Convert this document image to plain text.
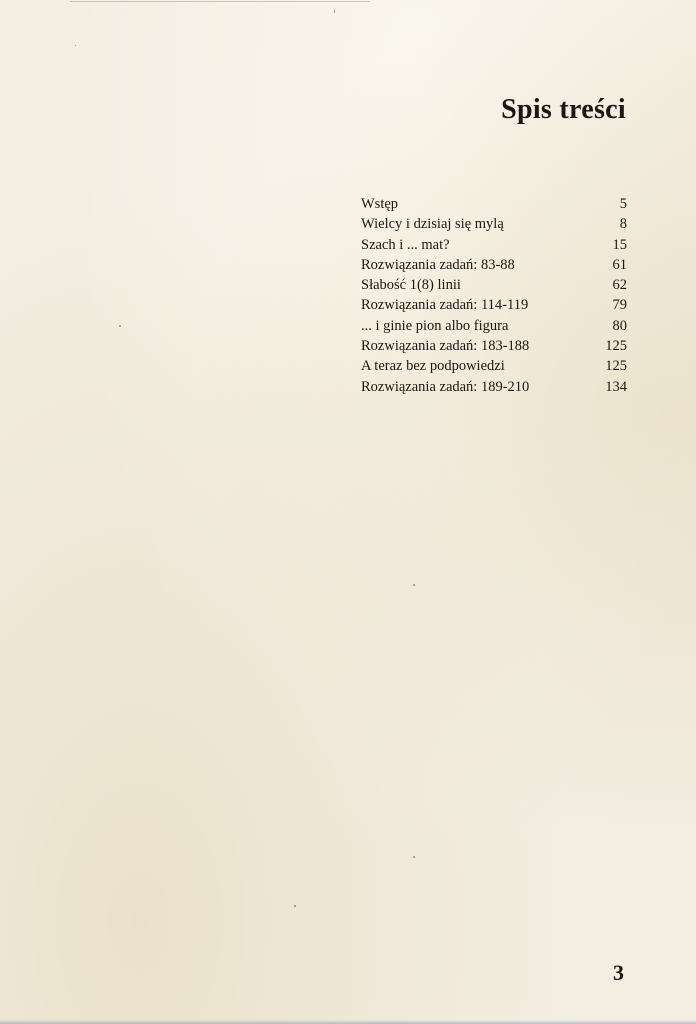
Spis treści
Wstęp	5
Wielcy i dzisiaj się mylą	8
Szach i ... mat?	15
Rozwiązania zadań: 83-88	61
Słabość 1(8) linii	62
Rozwiązania zadań: 114-119	79
... i ginie pion albo figura	80
Rozwiązania zadań: 183-188	125
A teraz bez podpowiedzi	125
Rozwiązania zadań: 189-210	134
3
